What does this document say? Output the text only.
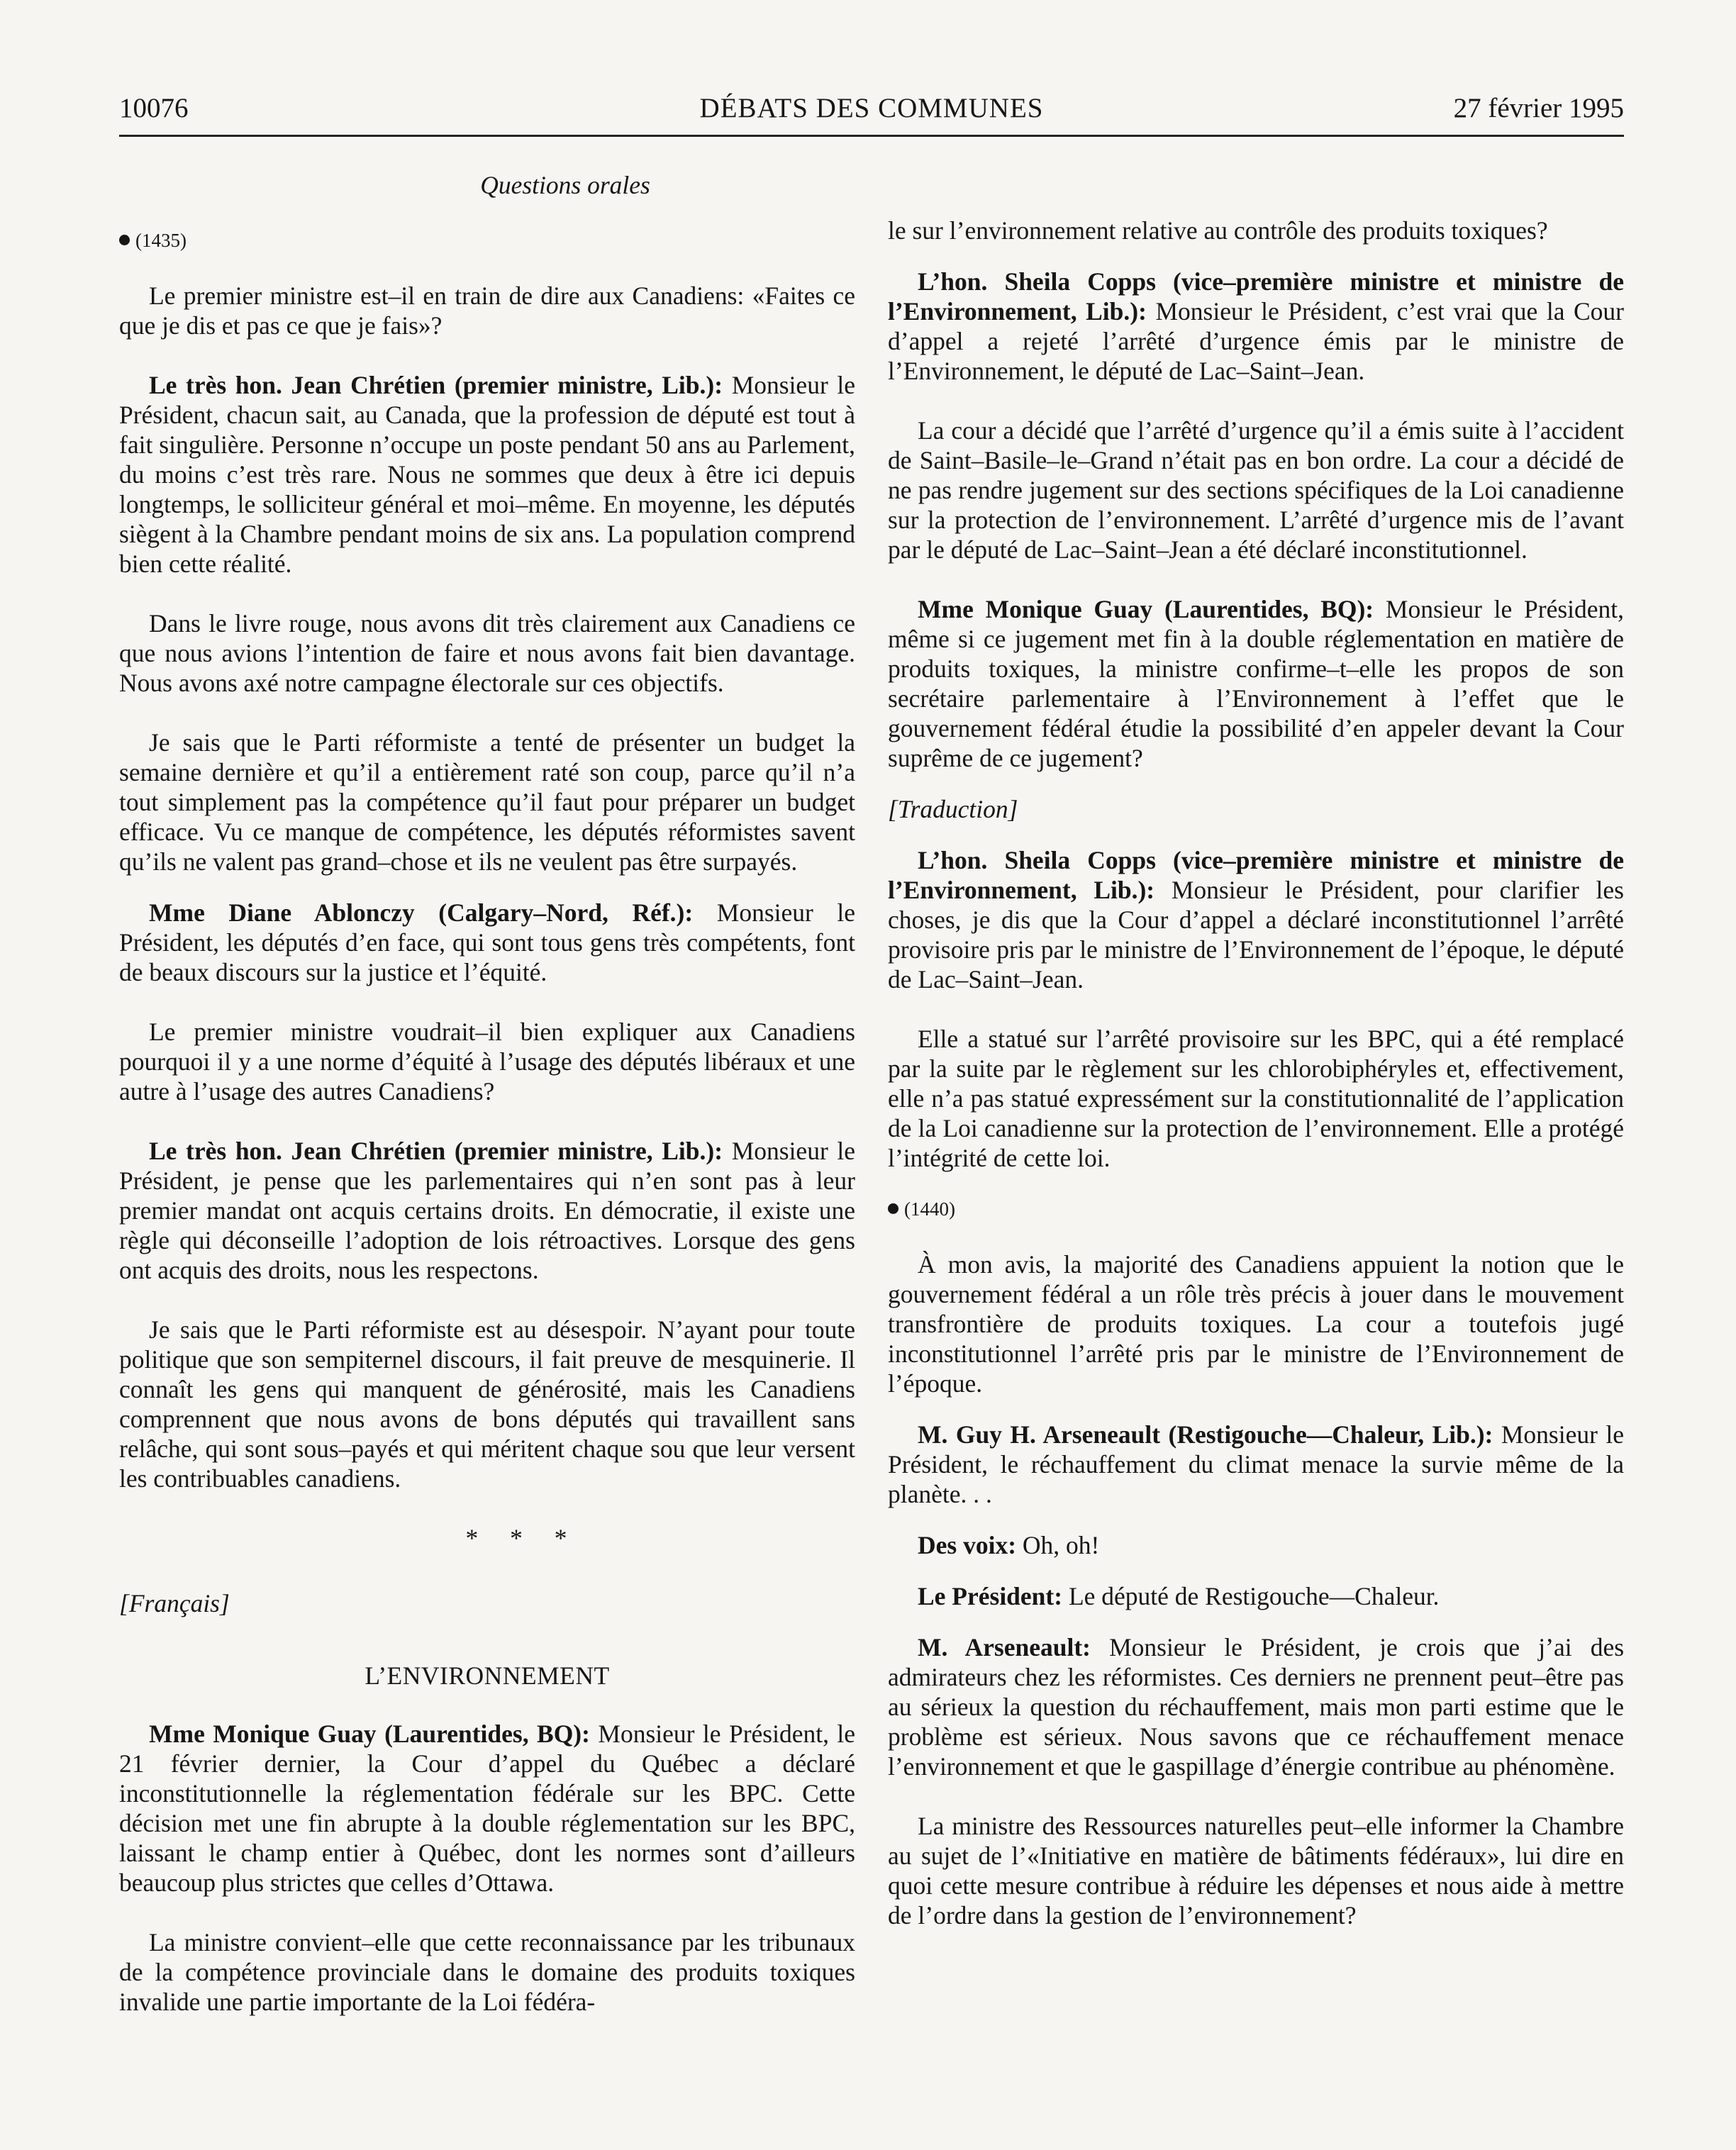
10076	DÉBATS DES COMMUNES	27 février 1995
Questions orales
(1435)

Le premier ministre est–il en train de dire aux Canadiens: «Faites ce que je dis et pas ce que je fais»?

Le très hon. Jean Chrétien (premier ministre, Lib.): Monsieur le Président, chacun sait, au Canada, que la profession de député est tout à fait singulière. Personne n’occupe un poste pendant 50 ans au Parlement, du moins c’est très rare. Nous ne sommes que deux à être ici depuis longtemps, le solliciteur général et moi–même. En moyenne, les députés siègent à la Chambre pendant moins de six ans. La population comprend bien cette réalité.

Dans le livre rouge, nous avons dit très clairement aux Canadiens ce que nous avions l’intention de faire et nous avons fait bien davantage. Nous avons axé notre campagne électorale sur ces objectifs.

Je sais que le Parti réformiste a tenté de présenter un budget la semaine dernière et qu’il a entièrement raté son coup, parce qu’il n’a tout simplement pas la compétence qu’il faut pour préparer un budget efficace. Vu ce manque de compétence, les députés réformistes savent qu’ils ne valent pas grand–chose et ils ne veulent pas être surpayés.

Mme Diane Ablonczy (Calgary–Nord, Réf.): Monsieur le Président, les députés d’en face, qui sont tous gens très compétents, font de beaux discours sur la justice et l’équité.

Le premier ministre voudrait–il bien expliquer aux Canadiens pourquoi il y a une norme d’équité à l’usage des députés libéraux et une autre à l’usage des autres Canadiens?

Le très hon. Jean Chrétien (premier ministre, Lib.): Monsieur le Président, je pense que les parlementaires qui n’en sont pas à leur premier mandat ont acquis certains droits. En démocratie, il existe une règle qui déconseille l’adoption de lois rétroactives. Lorsque des gens ont acquis des droits, nous les respectons.

Je sais que le Parti réformiste est au désespoir. N’ayant pour toute politique que son sempiternel discours, il fait preuve de mesquinerie. Il connaît les gens qui manquent de générosité, mais les Canadiens comprennent que nous avons de bons députés qui travaillent sans relâche, qui sont sous–payés et qui méritent chaque sou que leur versent les contribuables canadiens.

* * *
[Français]
L’ENVIRONNEMENT

Mme Monique Guay (Laurentides, BQ): Monsieur le Président, le 21 février dernier, la Cour d’appel du Québec a déclaré inconstitutionnelle la réglementation fédérale sur les BPC. Cette décision met une fin abrupte à la double réglementation sur les BPC, laissant le champ entier à Québec, dont les normes sont d’ailleurs beaucoup plus strictes que celles d’Ottawa.

La ministre convient–elle que cette reconnaissance par les tribunaux de la compétence provinciale dans le domaine des produits toxiques invalide une partie importante de la Loi fédéra-

le sur l’environnement relative au contrôle des produits toxiques?

L’hon. Sheila Copps (vice–première ministre et ministre de l’Environnement, Lib.): Monsieur le Président, c’est vrai que la Cour d’appel a rejeté l’arrêté d’urgence émis par le ministre de l’Environnement, le député de Lac–Saint–Jean.

La cour a décidé que l’arrêté d’urgence qu’il a émis suite à l’accident de Saint–Basile–le–Grand n’était pas en bon ordre. La cour a décidé de ne pas rendre jugement sur des sections spécifiques de la Loi canadienne sur la protection de l’environnement. L’arrêté d’urgence mis de l’avant par le député de Lac–Saint–Jean a été déclaré inconstitutionnel.

Mme Monique Guay (Laurentides, BQ): Monsieur le Président, même si ce jugement met fin à la double réglementation en matière de produits toxiques, la ministre confirme–t–elle les propos de son secrétaire parlementaire à l’Environnement à l’effet que le gouvernement fédéral étudie la possibilité d’en appeler devant la Cour suprême de ce jugement?

[Traduction]

L’hon. Sheila Copps (vice–première ministre et ministre de l’Environnement, Lib.): Monsieur le Président, pour clarifier les choses, je dis que la Cour d’appel a déclaré inconstitutionnel l’arrêté provisoire pris par le ministre de l’Environnement de l’époque, le député de Lac–Saint–Jean.

Elle a statué sur l’arrêté provisoire sur les BPC, qui a été remplacé par la suite par le règlement sur les chlorobiphéryles et, effectivement, elle n’a pas statué expressément sur la constitutionnalité de l’application de la Loi canadienne sur la protection de l’environnement. Elle a protégé l’intégrité de cette loi.

(1440)

À mon avis, la majorité des Canadiens appuient la notion que le gouvernement fédéral a un rôle très précis à jouer dans le mouvement transfrontière de produits toxiques. La cour a toutefois jugé inconstitutionnel l’arrêté pris par le ministre de l’Environnement de l’époque.

M. Guy H. Arseneault (Restigouche—Chaleur, Lib.): Monsieur le Président, le réchauffement du climat menace la survie même de la planète. . .

Des voix: Oh, oh!

Le Président: Le député de Restigouche—Chaleur.

M. Arseneault: Monsieur le Président, je crois que j’ai des admirateurs chez les réformistes. Ces derniers ne prennent peut–être pas au sérieux la question du réchauffement, mais mon parti estime que le problème est sérieux. Nous savons que ce réchauffement menace l’environnement et que le gaspillage d’énergie contribue au phénomène.

La ministre des Ressources naturelles peut–elle informer la Chambre au sujet de l’«Initiative en matière de bâtiments fédéraux», lui dire en quoi cette mesure contribue à réduire les dépenses et nous aide à mettre de l’ordre dans la gestion de l’environnement?
